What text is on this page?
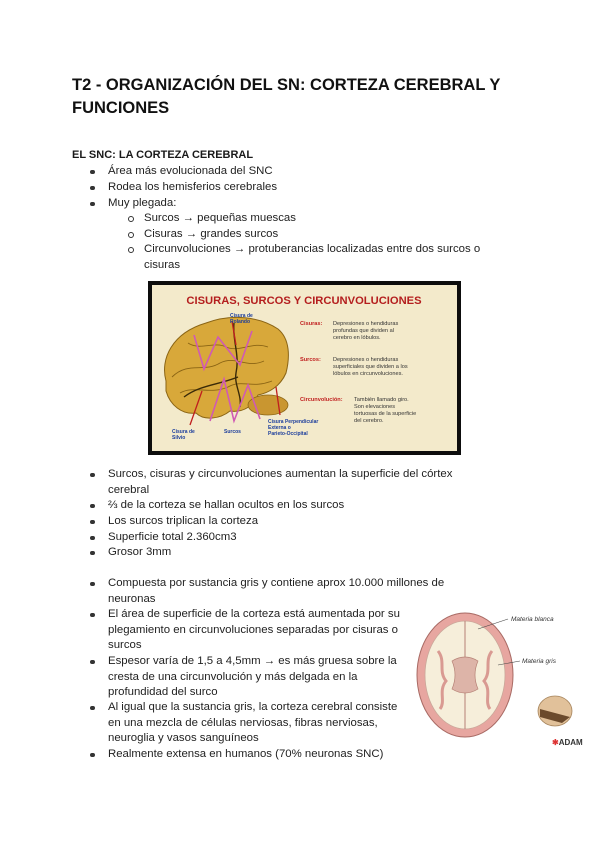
T2 - ORGANIZACIÓN DEL SN: CORTEZA CEREBRAL Y FUNCIONES
EL SNC: LA CORTEZA CEREBRAL
Área más evolucionada del SNC
Rodea los hemisferios cerebrales
Muy plegada:
Surcos → pequeñas muescas
Cisuras → grandes surcos
Circunvoluciones → protuberancias localizadas entre dos surcos o cisuras
CISURAS, SURCOS Y CIRCUNVOLUCIONES
Cisura de Rolando
Cisura de Silvio
Surcos
Cisura Perpendicular Externa o Parieto-Occipital
Cisuras: Depresiones o hendiduras profundas que dividen al cerebro en lóbulos.
Surcos: Depresiones o hendiduras superficiales que dividen a los lóbulos en circunvoluciones.
Circunvolución: También llamado giro. Son elevaciones tortuosas de la superficie del cerebro.
Surcos, cisuras y circunvoluciones aumentan la superficie del córtex cerebral
⅔ de la corteza se hallan ocultos en los surcos
Los surcos triplican la corteza
Superficie total 2.360cm3
Grosor 3mm
Compuesta por sustancia gris y contiene aprox 10.000 millones de neuronas
El área de superficie de la corteza está aumentada por su plegamiento en circunvoluciones separadas por cisuras o surcos
Espesor varía de 1,5 a 4,5mm → es más gruesa sobre la cresta de una circunvolución y más delgada en la profundidad del surco
Al igual que la sustancia gris, la corteza cerebral consiste en una mezcla de células nerviosas, fibras nerviosas, neuroglia y vasos sanguíneos
Realmente extensa en humanos (70% neuronas SNC)
Materia blanca
Materia gris
✱ADAM
